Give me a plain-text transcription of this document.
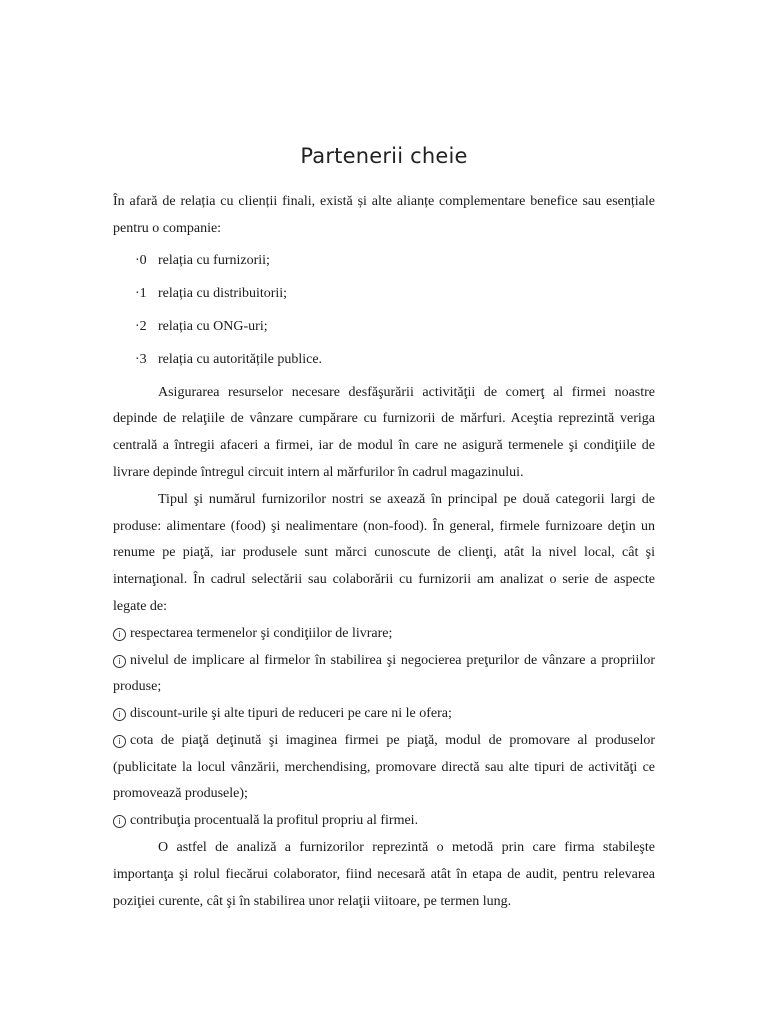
Partenerii cheie

În afară de relația cu clienții finali, există și alte alianțe complementare benefice sau esențiale pentru o companie:

·0 relația cu furnizorii;
·1 relația cu distribuitorii;
·2 relația cu ONG-uri;
·3 relația cu autoritățile publice.

Asigurarea resurselor necesare desfăşurării activităţii de comerţ al firmei noastre depinde de relaţiile de vânzare cumpărare cu furnizorii de mărfuri. Aceştia reprezintă veriga centrală a întregii afaceri a firmei, iar de modul în care ne asigură termenele şi condiţiile de livrare depinde întregul circuit intern al mărfurilor în cadrul magazinului.

Tipul şi numărul furnizorilor nostri se axează în principal pe două categorii largi de produse: alimentare (food) şi nealimentare (non-food). În general, firmele furnizoare deţin un renume pe piaţă, iar produsele sunt mărci cunoscute de clienţi, atât la nivel local, cât şi internaţional. În cadrul selectării sau colaborării cu furnizorii am analizat o serie de aspecte legate de:

i respectarea termenelor şi condiţiilor de livrare;

i nivelul de implicare al firmelor în stabilirea şi negocierea preţurilor de vânzare a propriilor produse;

i discount-urile şi alte tipuri de reduceri pe care ni le ofera;

i cota de piaţă deţinută şi imaginea firmei pe piaţă, modul de promovare al produselor (publicitate la locul vânzării, merchendising, promovare directă sau alte tipuri de activităţi ce promovează produsele);

i contribuţia procentuală la profitul propriu al firmei.

O astfel de analiză a furnizorilor reprezintă o metodă prin care firma stabileşte importanţa şi rolul fiecărui colaborator, fiind necesară atât în etapa de audit, pentru relevarea poziţiei curente, cât şi în stabilirea unor relaţii viitoare, pe termen lung.
